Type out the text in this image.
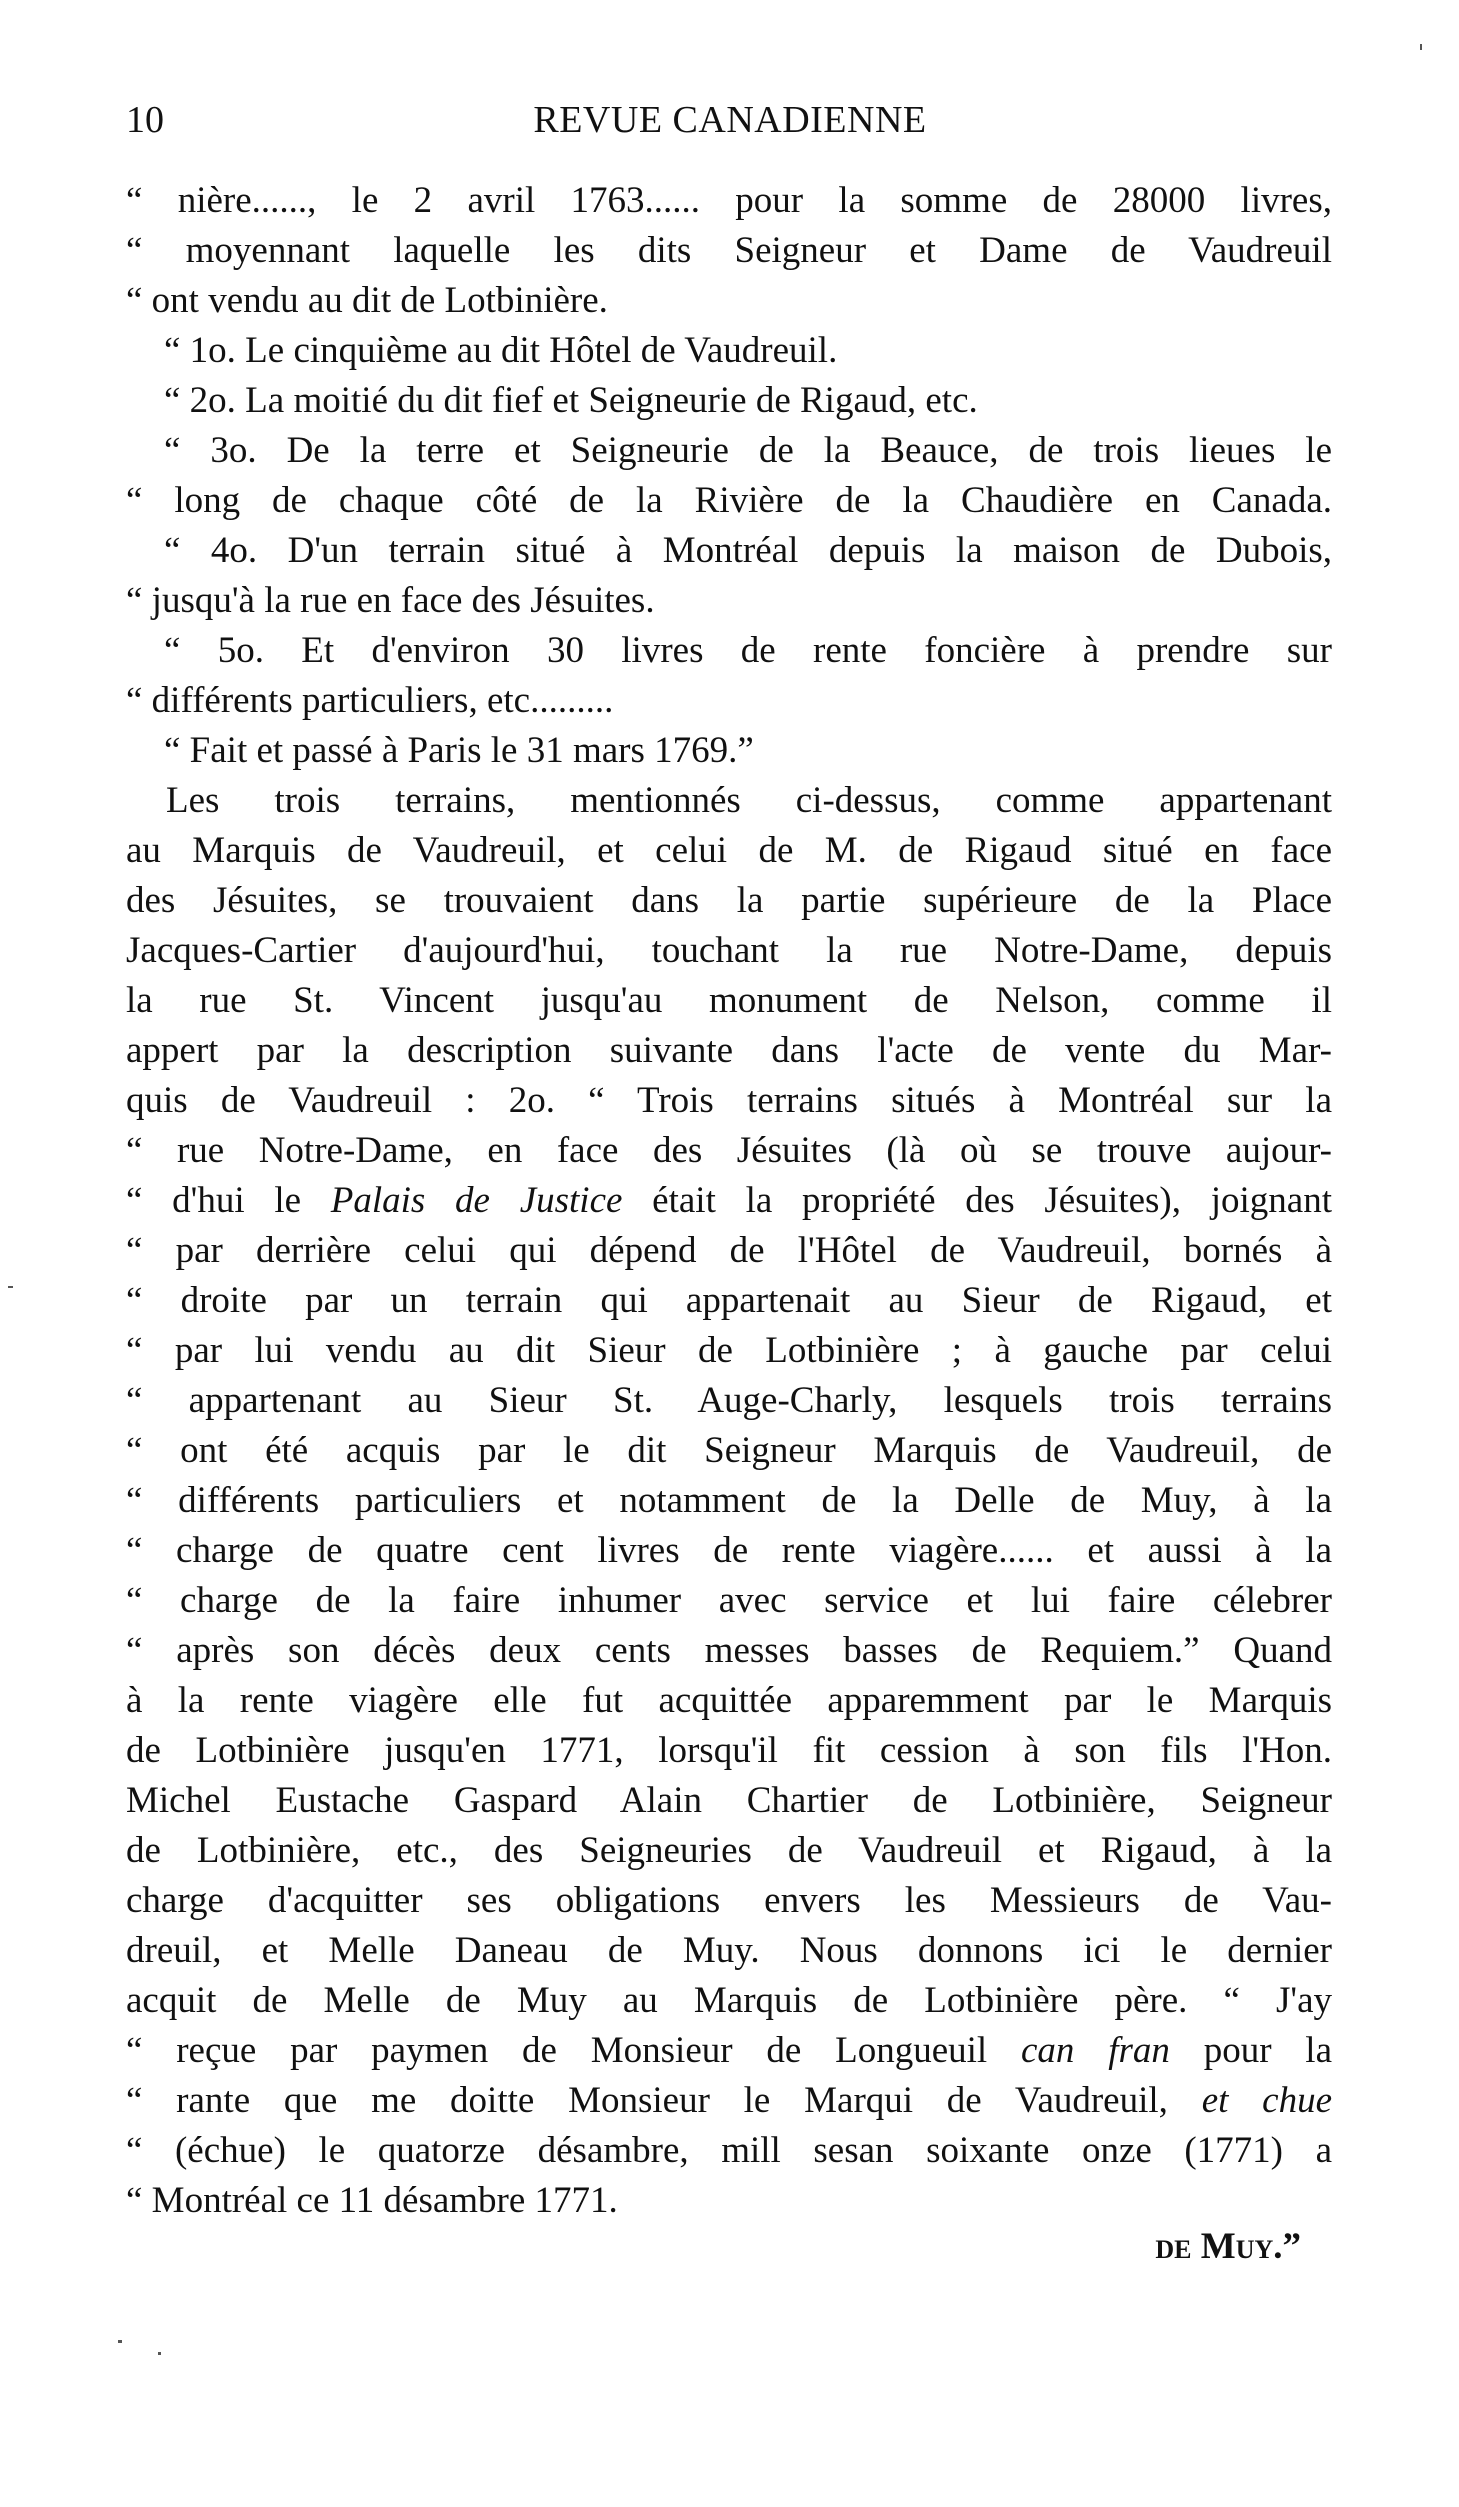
10	REVUE CANADIENNE
“ nière......, le 2 avril 1763...... pour la somme de 28000 livres,
“ moyennant laquelle les dits Seigneur et Dame de Vaudreuil
“ ont vendu au dit de Lotbinière.
“ 1o. Le cinquième au dit Hôtel de Vaudreuil.
“ 2o. La moitié du dit fief et Seigneurie de Rigaud, etc.
“ 3o. De la terre et Seigneurie de la Beauce, de trois lieues le
“ long de chaque côté de la Rivière de la Chaudière en Canada.
“ 4o. D'un terrain situé à Montréal depuis la maison de Dubois,
“ jusqu'à la rue en face des Jésuites.
“ 5o. Et d'environ 30 livres de rente foncière à prendre sur
“ différents particuliers, etc.........
“ Fait et passé à Paris le 31 mars 1769.”
Les trois terrains, mentionnés ci-dessus, comme appartenant
au Marquis de Vaudreuil, et celui de M. de Rigaud situé en face
des Jésuites, se trouvaient dans la partie supérieure de la Place
Jacques-Cartier d'aujourd'hui, touchant la rue Notre-Dame, depuis
la rue St. Vincent jusqu'au monument de Nelson, comme il
appert par la description suivante dans l'acte de vente du Mar-
quis de Vaudreuil : 2o. “ Trois terrains situés à Montréal sur la
“ rue Notre-Dame, en face des Jésuites (là où se trouve aujour-
“ d'hui le Palais de Justice était la propriété des Jésuites), joignant
“ par derrière celui qui dépend de l'Hôtel de Vaudreuil, bornés à
“ droite par un terrain qui appartenait au Sieur de Rigaud, et
“ par lui vendu au dit Sieur de Lotbinière ; à gauche par celui
“ appartenant au Sieur St. Auge-Charly, lesquels trois terrains
“ ont été acquis par le dit Seigneur Marquis de Vaudreuil, de
“ différents particuliers et notamment de la Delle de Muy, à la
“ charge de quatre cent livres de rente viagère...... et aussi à la
“ charge de la faire inhumer avec service et lui faire célebrer
“ après son décès deux cents messes basses de Requiem.” Quand
à la rente viagère elle fut acquittée apparemment par le Marquis
de Lotbinière jusqu'en 1771, lorsqu'il fit cession à son fils l'Hon.
Michel Eustache Gaspard Alain Chartier de Lotbinière, Seigneur
de Lotbinière, etc., des Seigneuries de Vaudreuil et Rigaud, à la
charge d'acquitter ses obligations envers les Messieurs de Vau-
dreuil, et Melle Daneau de Muy. Nous donnons ici le dernier
acquit de Melle de Muy au Marquis de Lotbinière père. “ J'ay
“ reçue par paymen de Monsieur de Longueuil can fran pour la
“ rante que me doitte Monsieur le Marqui de Vaudreuil, et chue
“ (échue) le quatorze désambre, mill sesan soixante onze (1771) a
“ Montréal ce 11 désambre 1771.
de Muy.”
